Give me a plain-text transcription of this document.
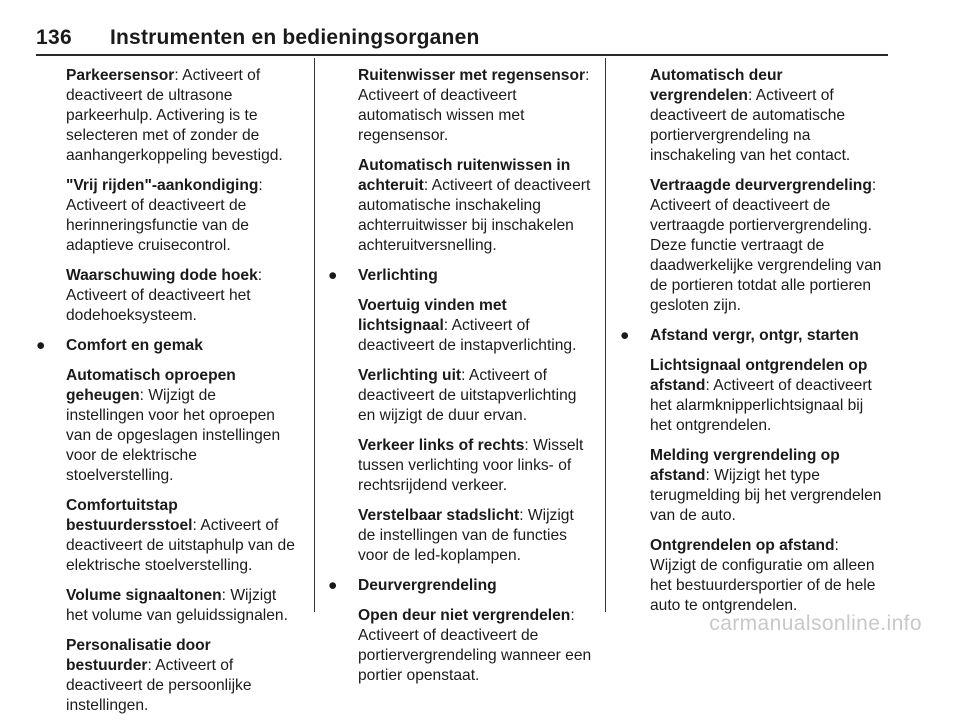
136 Instrumenten en bedieningsorganen

Parkeersensor: Activeert of deactiveert de ultrasone parkeerhulp. Activering is te selecteren met of zonder de aanhangerkoppeling bevestigd.

"Vrij rijden"-aankondiging: Activeert of deactiveert de herinneringsfunctie van de adaptieve cruisecontrol.

Waarschuwing dode hoek: Activeert of deactiveert het dodehoeksysteem.

● Comfort en gemak

Automatisch oproepen geheugen: Wijzigt de instellingen voor het oproepen van de opgeslagen instellingen voor de elektrische stoelverstelling.

Comfortuitstap bestuurdersstoel: Activeert of deactiveert de uitstaphulp van de elektrische stoelverstelling.

Volume signaaltonen: Wijzigt het volume van geluidssignalen.

Personalisatie door bestuurder: Activeert of deactiveert de persoonlijke instellingen.

Ruitenwisser met regensensor: Activeert of deactiveert automatisch wissen met regensensor.

Automatisch ruitenwissen in achteruit: Activeert of deactiveert automatische inschakeling achterruitwisser bij inschakelen achteruitversnelling.

● Verlichting

Voertuig vinden met lichtsignaal: Activeert of deactiveert de instapverlichting.

Verlichting uit: Activeert of deactiveert de uitstapverlichting en wijzigt de duur ervan.

Verkeer links of rechts: Wisselt tussen verlichting voor links- of rechtsrijdend verkeer.

Verstelbaar stadslicht: Wijzigt de instellingen van de functies voor de led-koplampen.

● Deurvergrendeling

Open deur niet vergrendelen: Activeert of deactiveert de portiervergrendeling wanneer een portier openstaat.

Automatisch deur vergrendelen: Activeert of deactiveert de automatische portiervergrendeling na inschakeling van het contact.

Vertraagde deurvergrendeling: Activeert of deactiveert de vertraagde portiervergrendeling. Deze functie vertraagt de daadwerkelijke vergrendeling van de portieren totdat alle portieren gesloten zijn.

● Afstand vergr, ontgr, starten

Lichtsignaal ontgrendelen op afstand: Activeert of deactiveert het alarmknipperlichtsignaal bij het ontgrendelen.

Melding vergrendeling op afstand: Wijzigt het type terugmelding bij het vergrendelen van de auto.

Ontgrendelen op afstand: Wijzigt de configuratie om alleen het bestuurdersportier of de hele auto te ontgrendelen.

carmanualsonline.info
